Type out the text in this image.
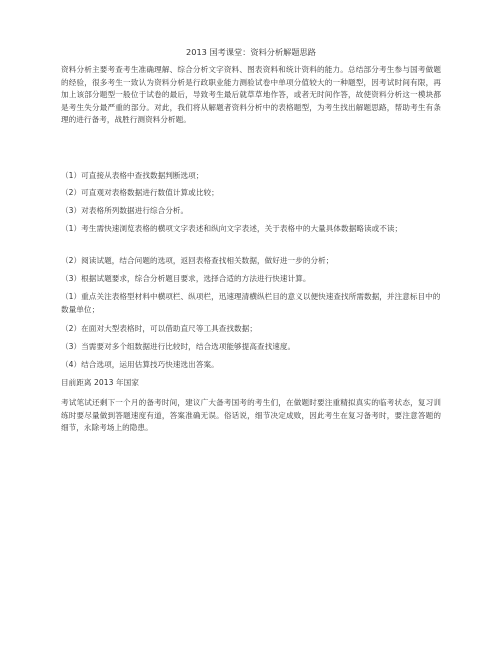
2013 国考课堂：资料分析解题思路
资料分析主要考查考生准确理解、综合分析文字资料、图表资料和统计资料的能力。总结部分考生参与国考做题的经验，很多考生一致认为资料分析是行政职业能力测验试卷中单项分值较大的一种题型，因考试时间有限，再加上该部分题型一般位于试卷的最后，导致考生最后就草草地作答，或者无时间作答，故使资料分析这一模块都是考生失分最严重的部分。对此，我们将从解题者资料分析中的表格题型，为考生找出解题思路，帮助考生有条理的进行备考，战胜行测资料分析题。
（1）可直接从表格中查找数据判断选项；
（2）可直观对表格数据进行数值计算或比较；
（3）对表格所列数据进行综合分析。
（1）考生需快速浏览表格的横项文字表述和纵向文字表述，关于表格中的大量具体数据略读或不读；
（2）阅读试题，结合问题的选项，返回表格查找相关数据，做好进一步的分析；
（3）根据试题要求，综合分析题目要求，选择合适的方法进行快速计算。
（1）重点关注表格型材料中横项栏、纵项栏，迅速理清横纵栏目的意义以便快速查找所需数据，并注意标目中的数量单位；
（2）在面对大型表格时，可以借助直尺等工具查找数据；
（3）当需要对多个组数据进行比较时，结合选项能够提高查找速度。
（4）结合选项，运用估算技巧快速选出答案。
目前距离 2013 年国家
考试笔试还剩下一个月的备考时间，建议广大备考国考的考生们，在做题时要注重精拟真实的临考状态，复习训练时要尽量做到答题速度有道，答案准确无误。俗话说，细节决定成败，因此考生在复习备考时，要注意答题的细节，永除考场上的隐患。
